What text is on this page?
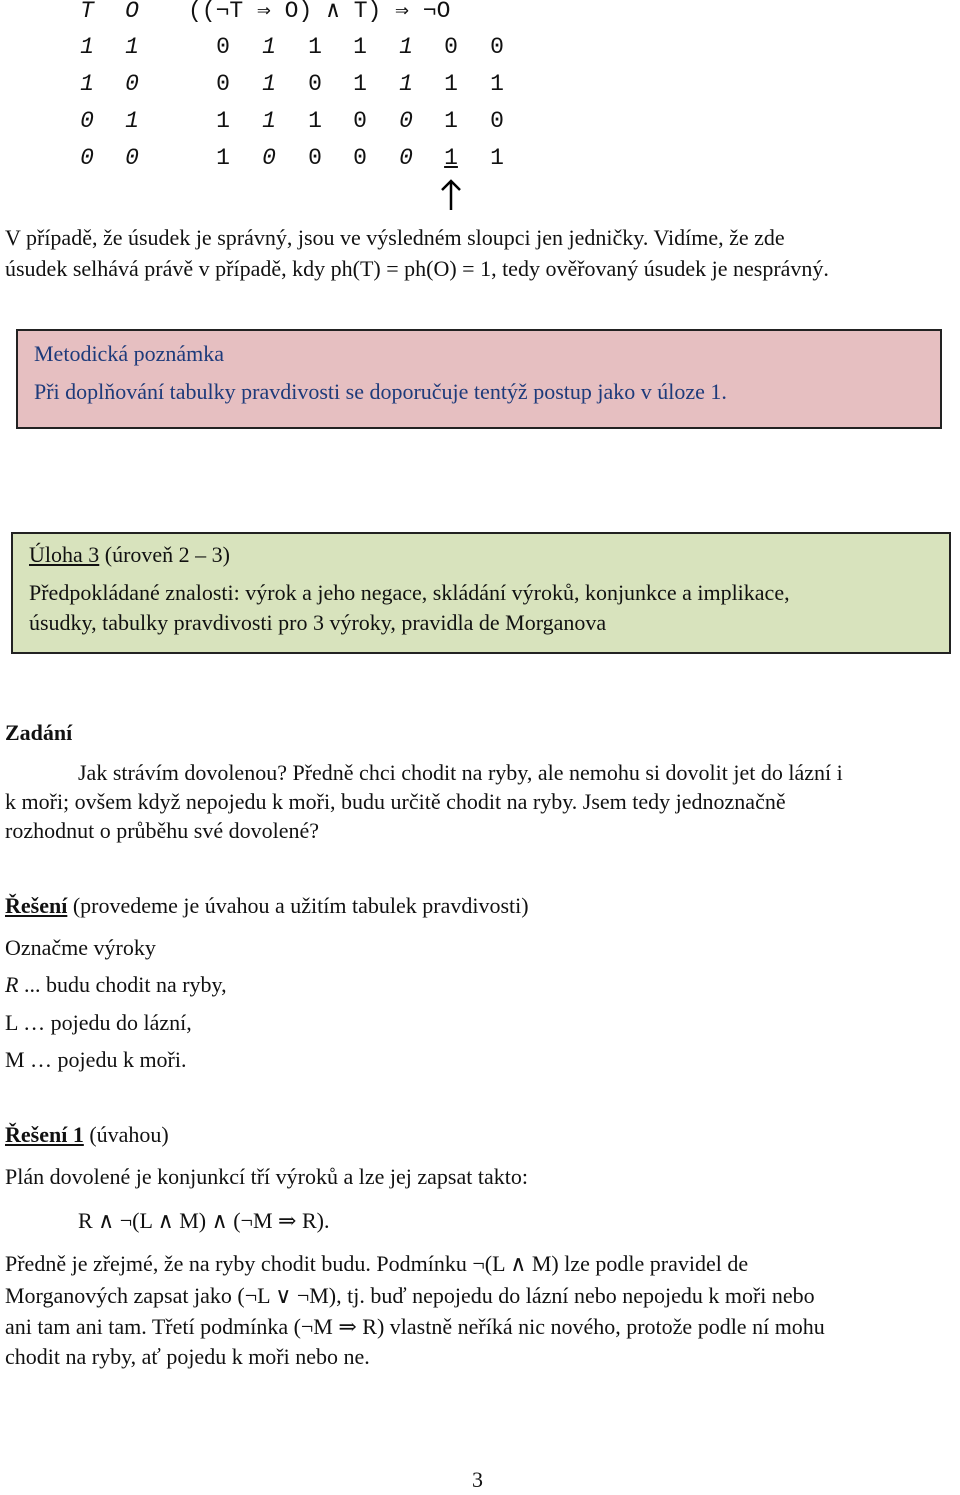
T	O	((¬T ⇒ O) ∧ T) ⇒ ¬O
1	1	0	1	1	1	1	0	0
1	0	0	1	0	1	1	1	1
0	1	1	1	1	0	0	1	0
0	0	1	0	0	0	0	1	1
V případě, že úsudek je správný, jsou ve výsledném sloupci jen jedničky. Vidíme, že zde
úsudek selhává právě v případě, kdy ph(T) = ph(O) = 1, tedy ověřovaný úsudek je nesprávný.
Metodická poznámka
Při doplňování tabulky pravdivosti se doporučuje tentýž postup jako v úloze 1.
Úloha 3 (úroveň 2 – 3)
Předpokládané znalosti: výrok a jeho negace, skládání výroků, konjunkce a implikace,
úsudky, tabulky pravdivosti pro 3 výroky, pravidla de Morganova
Zadání
Jak strávím dovolenou? Předně chci chodit na ryby, ale nemohu si dovolit jet do lázní i
k moři; ovšem když nepojedu k moři, budu určitě chodit na ryby. Jsem tedy jednoznačně
rozhodnut o průběhu své dovolené?
Řešení (provedeme je úvahou a užitím tabulek pravdivosti)
Označme výroky
R ... budu chodit na ryby,
L … pojedu do lázní,
M … pojedu k moři.
Řešení 1 (úvahou)
Plán dovolené je konjunkcí tří výroků a lze jej zapsat takto:
R ∧ ¬(L ∧ M) ∧ (¬M ⇒ R).
Předně je zřejmé, že na ryby chodit budu. Podmínku ¬(L ∧ M) lze podle pravidel de
Morganových zapsat jako (¬L ∨ ¬M), tj. buď nepojedu do lázní nebo nepojedu k moři nebo
ani tam ani tam. Třetí podmínka (¬M ⇒ R) vlastně neříká nic nového, protože podle ní mohu
chodit na ryby, ať pojedu k moři nebo ne.
3
